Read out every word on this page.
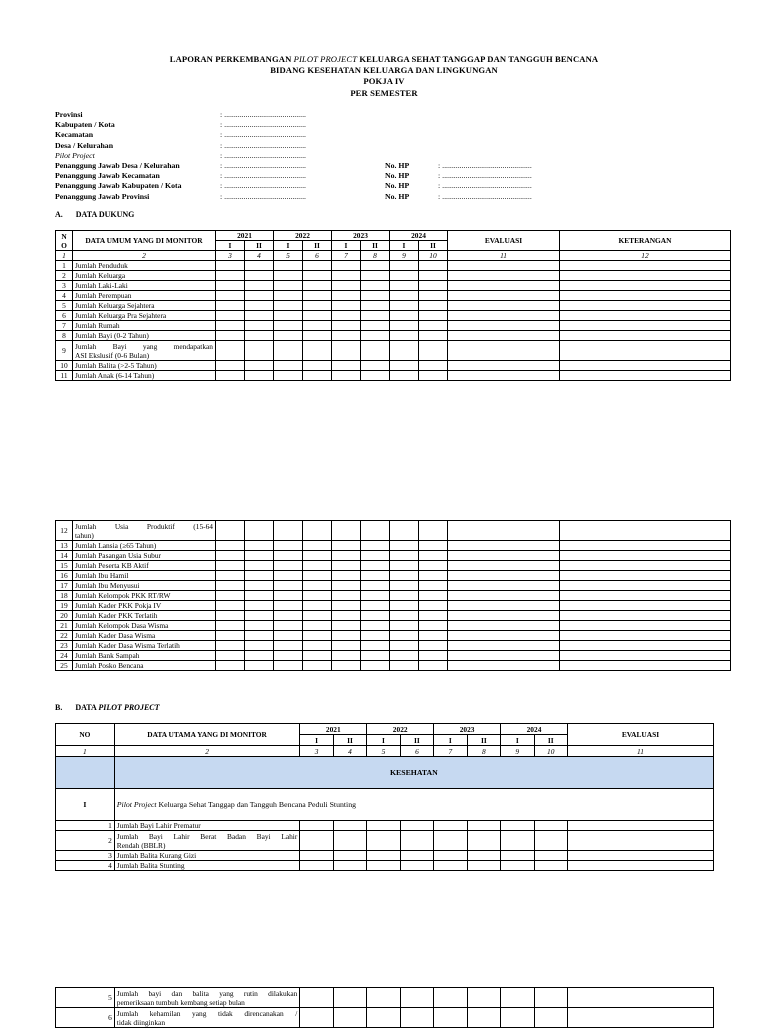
LAPORAN PERKEMBANGAN PILOT PROJECT KELUARGA SEHAT TANGGAP DAN TANGGUH BENCANA
BIDANG KESEHATAN KELUARGA DAN LINGKUNGAN
POKJA IV
PER SEMESTER
Provinsi	: ..........................................
Kabupaten / Kota	: ..........................................
Kecamatan	: ..........................................
Desa / Kelurahan	: ..........................................
Pilot Project	: ..........................................
Penanggung Jawab Desa / Kelurahan	: ..........................................	No. HP	: ..............................................
Penanggung Jawab Kecamatan	: ..........................................	No. HP	: ..............................................
Penanggung Jawab Kabupaten / Kota	: ..........................................	No. HP	: ..............................................
Penanggung Jawab Provinsi	: ..........................................	No. HP	: ..............................................
A. DATA DUKUNG
N O	DATA UMUM YANG DI MONITOR	2021		2022		2023		2024		EVALUASI	KETERANGAN
		I	II	I	II	I	II	I	II		
1	2	3	4	5	6	7	8	9	10	11	12
1	Jumlah Penduduk										
2	Jumlah Keluarga										
3	Jumlah Laki-Laki										
4	Jumlah Perempuan										
5	Jumlah Keluarga Sejahtera										
6	Jumlah Keluarga Pra Sejahtera										
7	Jumlah Rumah										
8	Jumlah Bayi (0-2 Tahun)										
9	Jumlah Bayi yang mendapatkan
ASI Ekslusif (0-6 Bulan)										

10	Jumlah Balita (>2-5 Tahun)										
11	Jumlah Anak (6-14 Tahun)										
12	Jumlah Usia Produktif (15-64
tahun)										

13	Jumlah Lansia (≥65 Tahun)										
14	Jumlah Pasangan Usia Subur										
15	Jumlah Peserta KB Aktif										
16	Jumlah Ibu Hamil										
17	Jumlah Ibu Menyusui										
18	Jumlah Kelompok PKK RT/RW										
19	Jumlah Kader PKK Pokja IV										
20	Jumlah Kader PKK Terlatih										
21	Jumlah Kelompok Dasa Wisma										
22	Jumlah Kader Dasa Wisma										
23	Jumlah Kader Dasa Wisma Terlatih										
24	Jumlah Bank Sampah										
25	Jumlah Posko Bencana										
B. DATA PILOT PROJECT
NO	DATA UTAMA YANG DI MONITOR	2021		2022		2023		2024		EVALUASI
		I	II	I	II	I	II	I	II	
1	2	3	4	5	6	7	8	9	10	11
	KESEHATAN									
I	Pilot Project Keluarga Sehat Tanggap dan Tangguh Bencana Peduli Stunting									
1	Jumlah Bayi Lahir Prematur									
2	Jumlah Bayi Lahir Berat Badan Bayi Lahir
Rendah (BBLR)									

3	Jumlah Balita Kurang Gizi									
4	Jumlah Balita Stunting									
5	Jumlah bayi dan balita yang rutin dilakukan
pemeriksaan tumbuh kembang setiap bulan									

6	Jumlah kehamilan yang tidak direncanakan /
tidak diinginkan									
